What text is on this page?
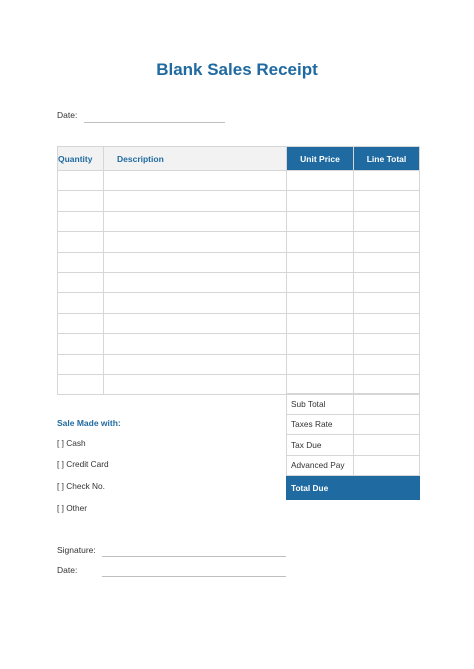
Blank Sales Receipt
Date:
Quantity	Description	Unit Price	Line Total

Sub Total	
Taxes Rate	
Tax Due	
Advanced Pay	
Total Due	
Sale Made with:
[ ] Cash
[ ] Credit Card
[ ] Check No.
[ ] Other
Signature:
Date:
